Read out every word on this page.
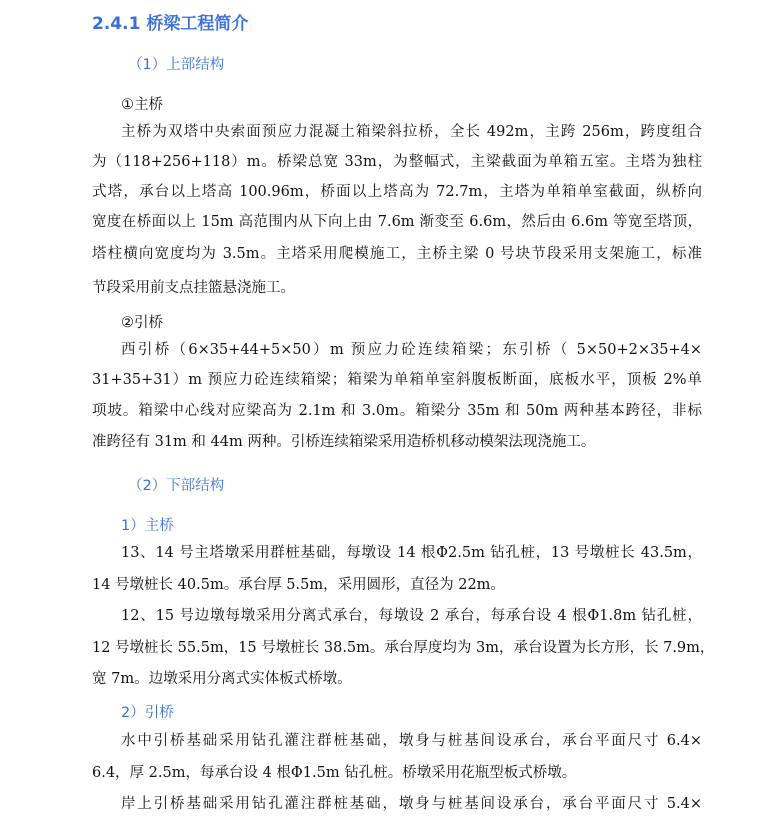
2.4.1 桥梁工程简介
（1）上部结构
①主桥
主桥为双塔中央索面预应力混凝土箱梁斜拉桥，全长 492m，主跨 256m，跨度组合
为（118+256+118）m。桥梁总宽 33m，为整幅式，主梁截面为单箱五室。主塔为独柱
式塔，承台以上塔高 100.96m，桥面以上塔高为 72.7m，主塔为单箱单室截面，纵桥向
宽度在桥面以上 15m 高范围内从下向上由 7.6m 渐变至 6.6m，然后由 6.6m 等宽至塔顶，
塔柱横向宽度均为 3.5m。主塔采用爬模施工，主桥主梁 0 号块节段采用支架施工，标准
节段采用前支点挂篮悬浇施工。
②引桥
西引桥（6×35+44+5×50）m 预应力砼连续箱梁；东引桥（ 5×50+2×35+4×
31+35+31）m 预应力砼连续箱梁；箱梁为单箱单室斜腹板断面，底板水平，顶板 2%单
项坡。箱梁中心线对应梁高为 2.1m 和 3.0m。箱梁分 35m 和 50m 两种基本跨径，非标
准跨径有 31m 和 44m 两种。引桥连续箱梁采用造桥机移动模架法现浇施工。
（2）下部结构
1）主桥
13、14 号主塔墩采用群桩基础，每墩设 14 根Φ2.5m 钻孔桩，13 号墩桩长 43.5m，
14 号墩桩长 40.5m。承台厚 5.5m，采用圆形，直径为 22m。
12、15 号边墩每墩采用分离式承台，每墩设 2 承台，每承台设 4 根Φ1.8m 钻孔桩，
12 号墩桩长 55.5m，15 号墩桩长 38.5m。承台厚度均为 3m，承台设置为长方形，长 7.9m，
宽 7m。边墩采用分离式实体板式桥墩。
2）引桥
水中引桥基础采用钻孔灌注群桩基础，墩身与桩基间设承台，承台平面尺寸 6.4×
6.4，厚 2.5m，每承台设 4 根Φ1.5m 钻孔桩。桥墩采用花瓶型板式桥墩。
岸上引桥基础采用钻孔灌注群桩基础，墩身与桩基间设承台，承台平面尺寸 5.4×
